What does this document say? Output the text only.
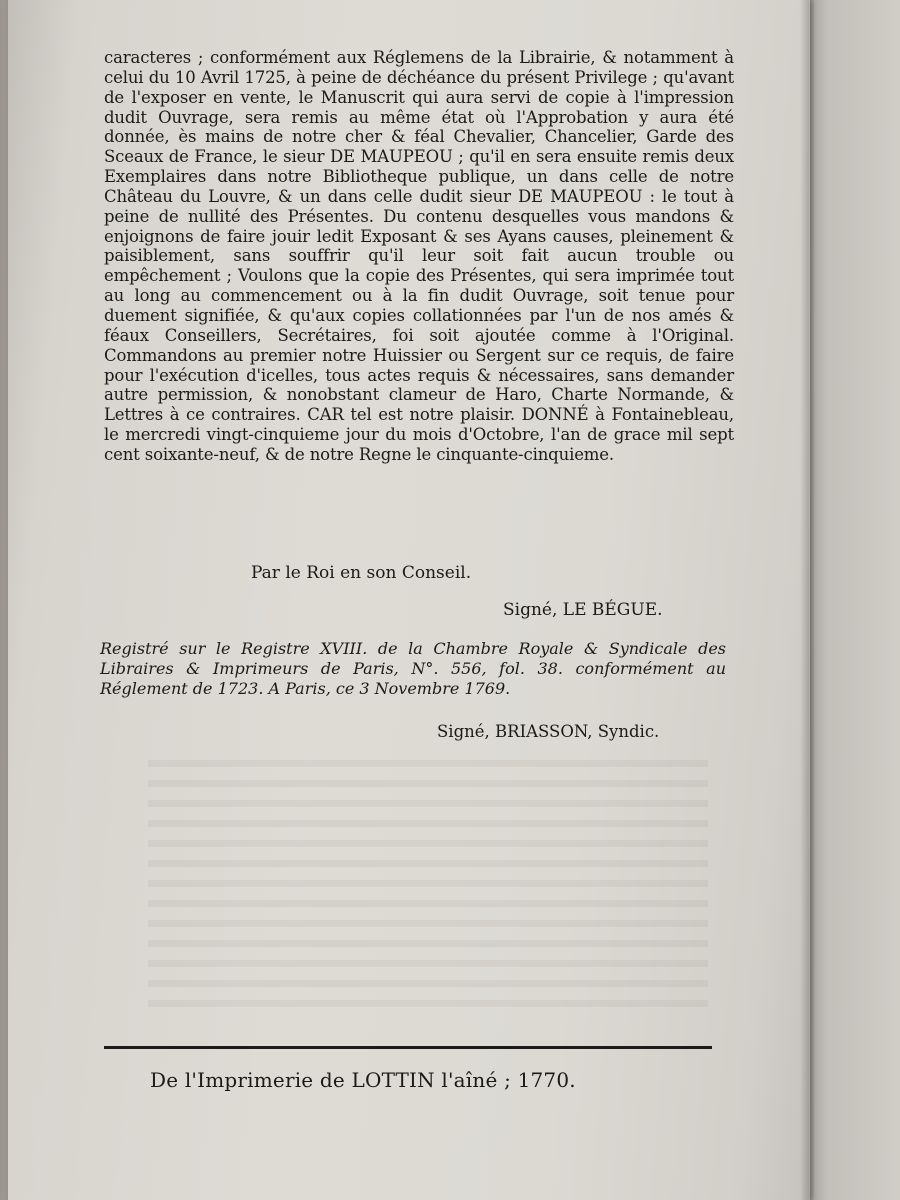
caracteres ; conformément aux Réglemens de la Librairie, & notamment à celui du 10 Avril 1725, à peine de déchéance du présent Privilege ; qu'avant de l'exposer en vente, le Manuscrit qui aura servi de copie à l'impression dudit Ouvrage, sera remis au même état où l'Approbation y aura été donnée, ès mains de notre cher & féal Chevalier, Chancelier, Garde des Sceaux de France, le sieur DE MAUPEOU ; qu'il en sera ensuite remis deux Exemplaires dans notre Bibliotheque publique, un dans celle de notre Château du Louvre, & un dans celle dudit sieur DE MAUPEOU : le tout à peine de nullité des Présentes. Du contenu desquelles vous mandons & enjoignons de faire jouir ledit Exposant & ses Ayans causes, pleinement & paisiblement, sans souffrir qu'il leur soit fait aucun trouble ou empêchement ; Voulons que la copie des Présentes, qui sera imprimée tout au long au commencement ou à la fin dudit Ouvrage, soit tenue pour duement signifiée, & qu'aux copies collationnées par l'un de nos amés & féaux Conseillers, Secrétaires, foi soit ajoutée comme à l'Original. Commandons au premier notre Huissier ou Sergent sur ce requis, de faire pour l'exécution d'icelles, tous actes requis & nécessaires, sans demander autre permission, & nonobstant clameur de Haro, Charte Normande, & Lettres à ce contraires. CAR tel est notre plaisir. DONNÉ à Fontainebleau, le mercredi vingt-cinquieme jour du mois d'Octobre, l'an de grace mil sept cent soixante-neuf, & de notre Regne le cinquante-cinquieme.

Par le Roi en son Conseil.
Signé, LE BÉGUE.
Registré sur le Registre XVIII. de la Chambre Royale & Syndicale des Libraires & Imprimeurs de Paris, N°. 556, fol. 38. conformément au Réglement de 1723. A Paris, ce 3 Novembre 1769.
Signé, BRIASSON, Syndic.
De l'Imprimerie de LOTTIN l'aîné ; 1770.
